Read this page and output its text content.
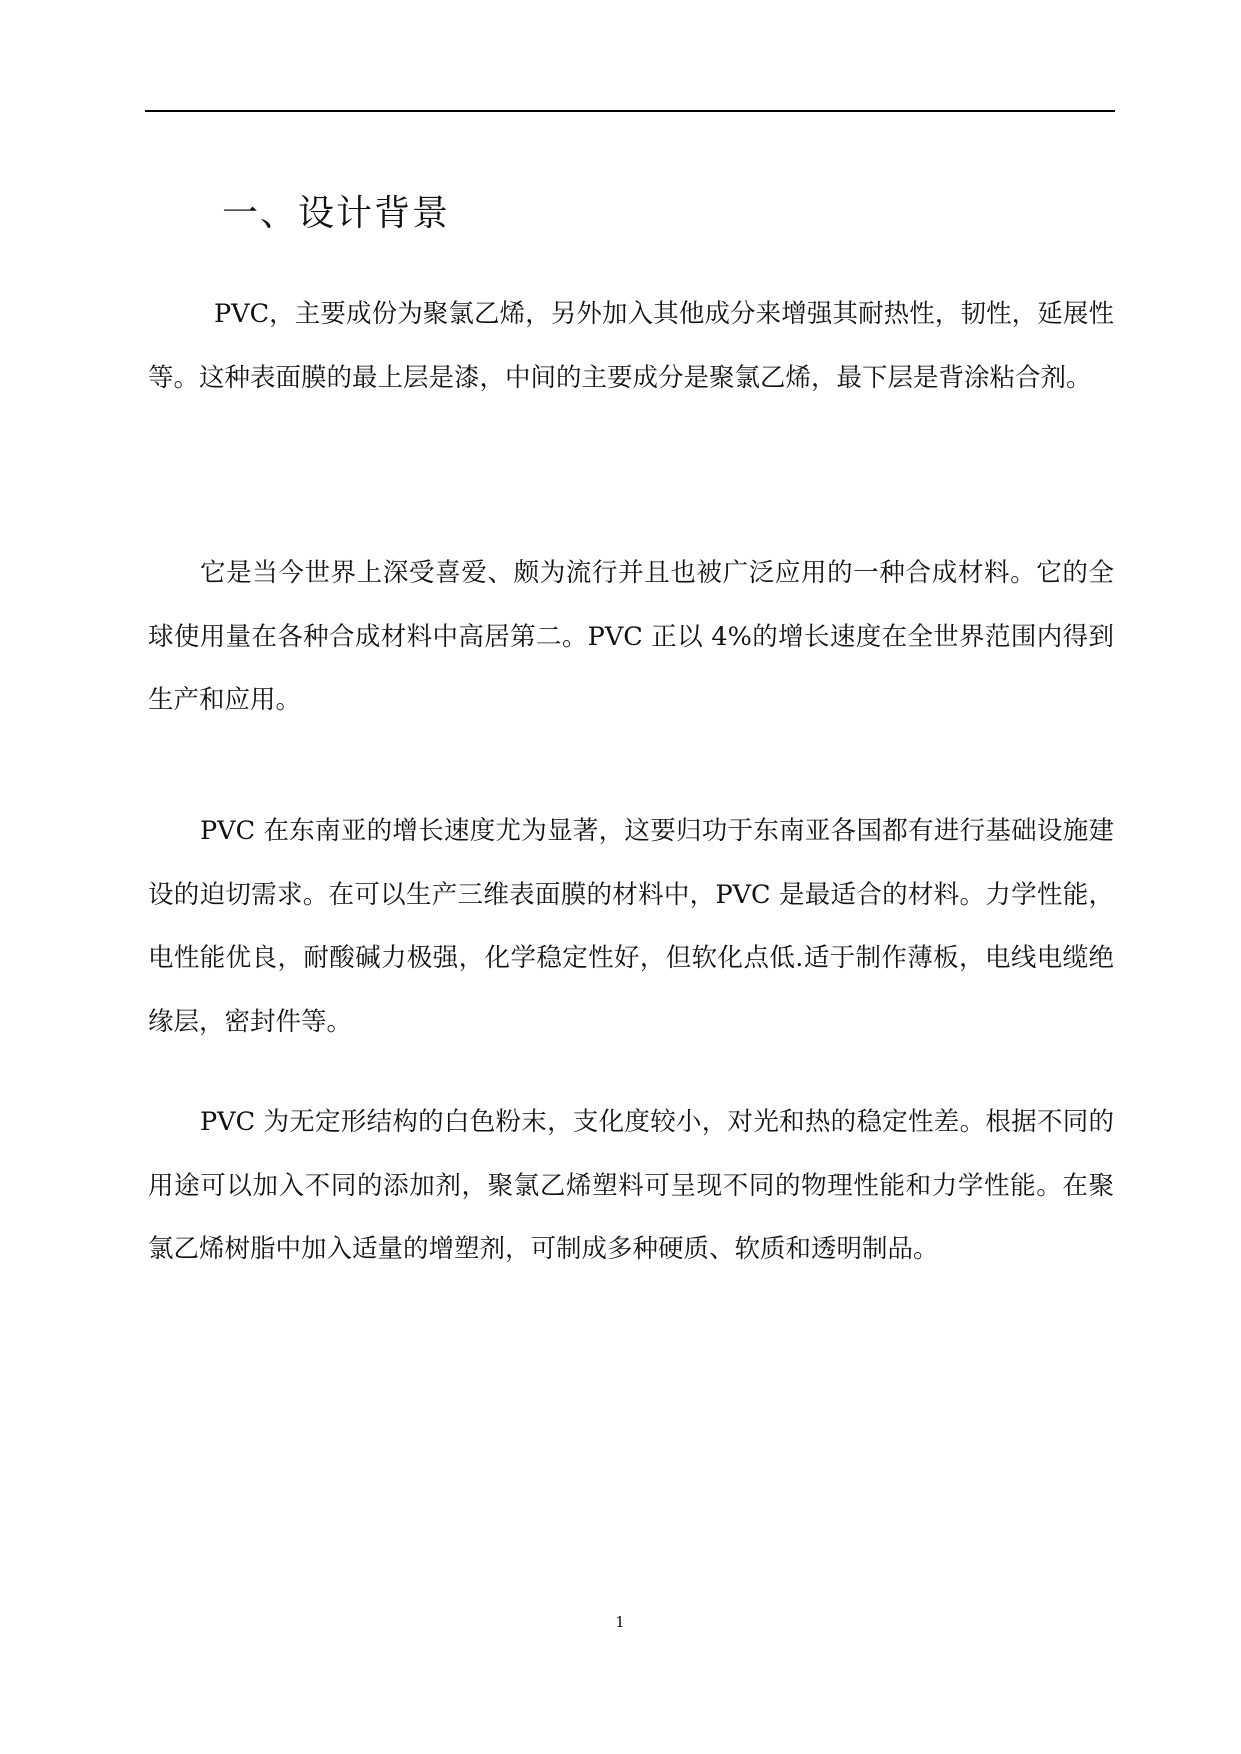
一、设计背景

PVC，主要成份为聚氯乙烯，另外加入其他成分来增强其耐热性，韧性，延展性等。这种表面膜的最上层是漆，中间的主要成分是聚氯乙烯，最下层是背涂粘合剂。

它是当今世界上深受喜爱、颇为流行并且也被广泛应用的一种合成材料。它的全球使用量在各种合成材料中高居第二。PVC 正以 4%的增长速度在全世界范围内得到生产和应用。

PVC 在东南亚的增长速度尤为显著，这要归功于东南亚各国都有进行基础设施建设的迫切需求。在可以生产三维表面膜的材料中，PVC 是最适合的材料。力学性能，电性能优良，耐酸碱力极强，化学稳定性好，但软化点低.适于制作薄板，电线电缆绝缘层，密封件等。

PVC 为无定形结构的白色粉末，支化度较小，对光和热的稳定性差。根据不同的用途可以加入不同的添加剂，聚氯乙烯塑料可呈现不同的物理性能和力学性能。在聚氯乙烯树脂中加入适量的增塑剂，可制成多种硬质、软质和透明制品。

1
